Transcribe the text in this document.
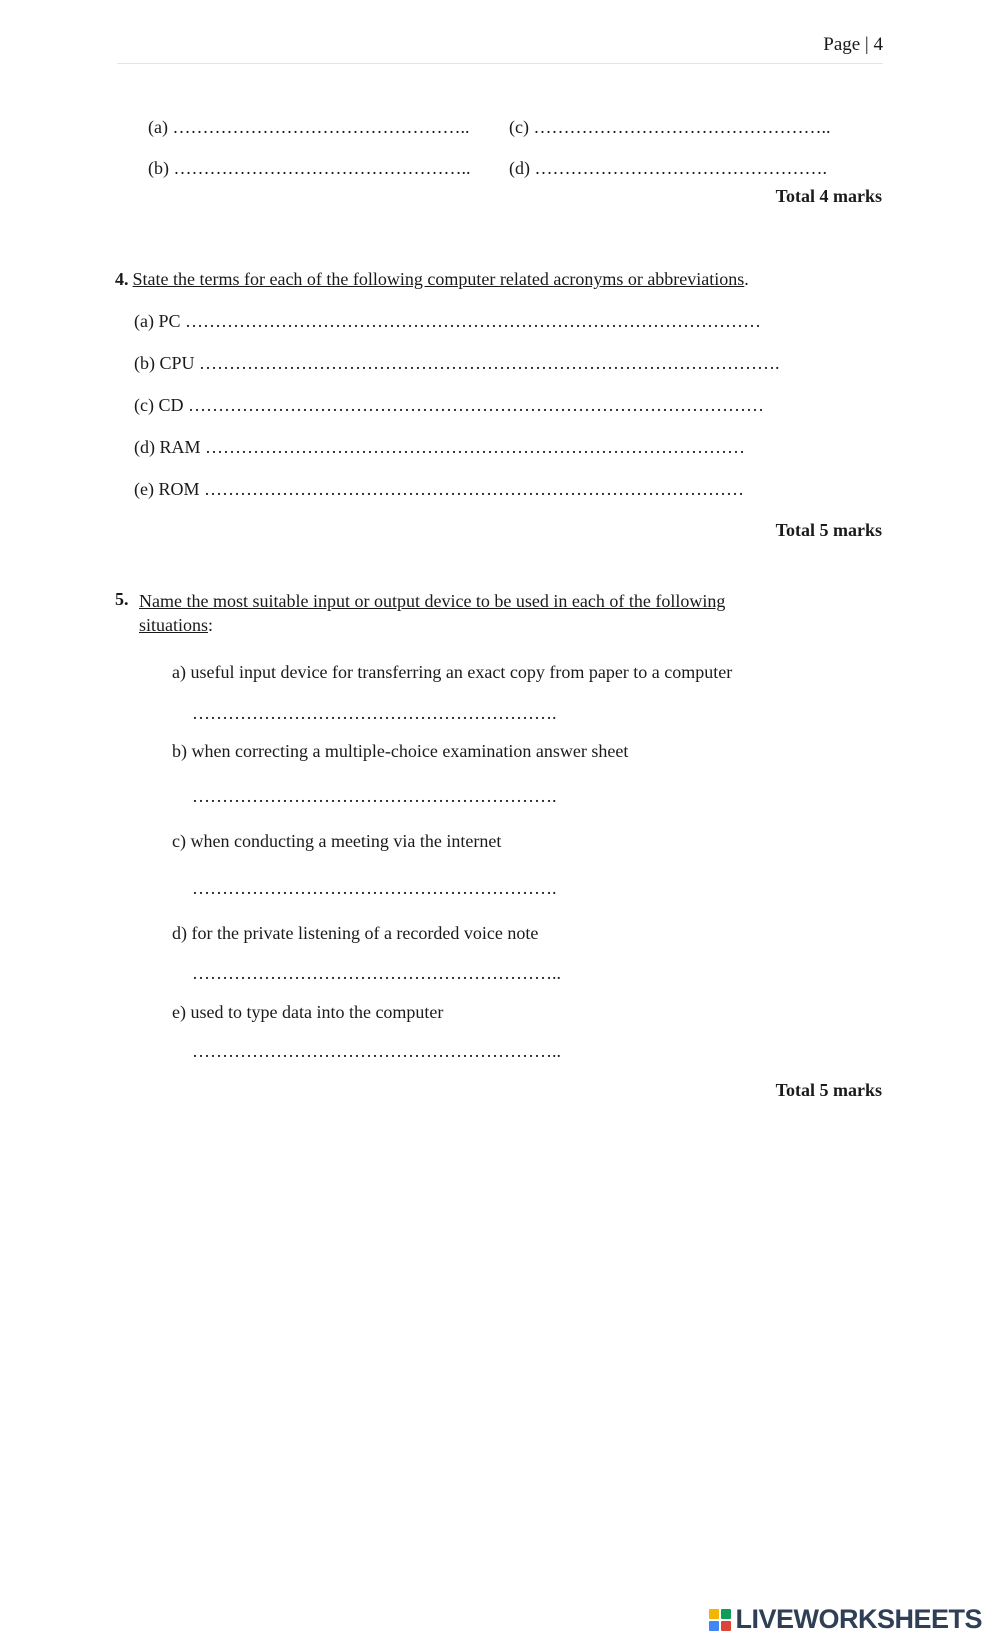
Page | 4
(a) ………………………………………….. (c) …………………………………………..
(b) ………………………………………….. (d) ………………………………………….
Total 4 marks
4. State the terms for each of the following computer related acronyms or abbreviations.
(a) PC ……………………………………………………………………………………
(b) CPU …………………………………………………………………………………….
(c) CD ……………………………………………………………………………………
(d) RAM ………………………………………………………………………………
(e) ROM ………………………………………………………………………………
Total 5 marks
5. Name the most suitable input or output device to be used in each of the following
situations:
a) useful input device for transferring an exact copy from paper to a computer
…………………………………………………….
b) when correcting a multiple-choice examination answer sheet
…………………………………………………….
c) when conducting a meeting via the internet
…………………………………………………….
d) for the private listening of a recorded voice note
……………………………………………………..
e) used to type data into the computer
……………………………………………………..
Total 5 marks
LIVEWORKSHEETS
